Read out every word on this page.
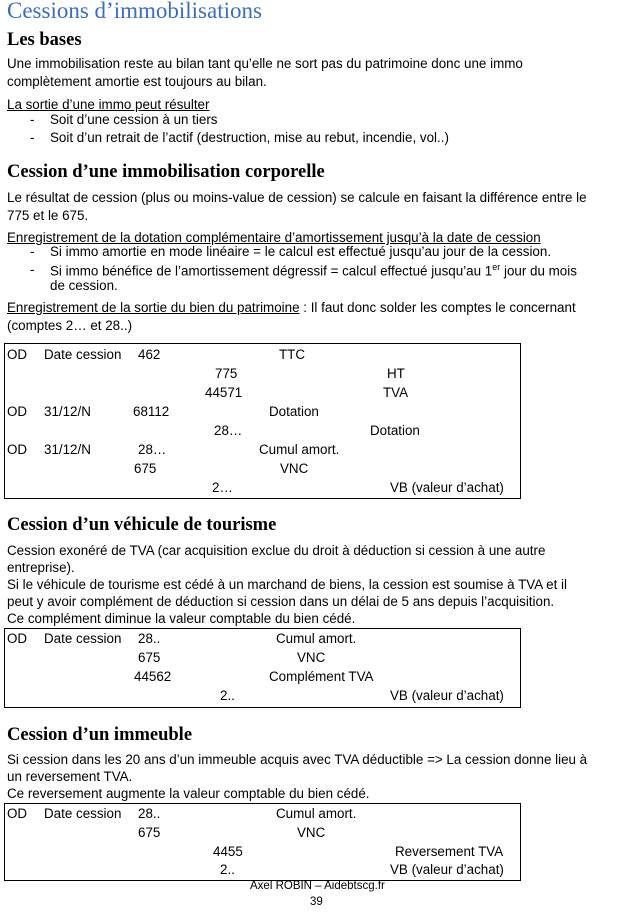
Cessions d’immobilisations
Les bases
Une immobilisation reste au bilan tant qu’elle ne sort pas du patrimoine donc une immo
complètement amortie est toujours au bilan.
La sortie d’une immo peut résulter
- Soit d’une cession à un tiers
- Soit d’un retrait de l’actif (destruction, mise au rebut, incendie, vol..)
Cession d’une immobilisation corporelle
Le résultat de cession (plus ou moins-value de cession) se calcule en faisant la différence entre le
775 et le 675.
Enregistrement de la dotation complémentaire d’amortissement jusqu’à la date de cession
- Si immo amortie en mode linéaire = le calcul est effectué jusqu’au jour de la cession.
- Si immo bénéfice de l’amortissement dégressif = calcul effectué jusqu’au 1er jour du mois
de cession.
Enregistrement de la sortie du bien du patrimoine : Il faut donc solder les comptes le concernant
(comptes 2… et 28..)
OD Date cession 462	TTC
775	HT
44571	TVA
OD 31/12/N	68112	Dotation
28…	Dotation
OD 31/12/N	28…	Cumul amort.
675	VNC
2…	VB (valeur d’achat)
Cession d’un véhicule de tourisme
Cession exonéré de TVA (car acquisition exclue du droit à déduction si cession à une autre
entreprise).
Si le véhicule de tourisme est cédé à un marchand de biens, la cession est soumise à TVA et il
peut y avoir complément de déduction si cession dans un délai de 5 ans depuis l’acquisition.
Ce complément diminue la valeur comptable du bien cédé.
OD Date cession 28..	Cumul amort.
675	VNC
44562	Complément TVA
2..	VB (valeur d’achat)
Cession d’un immeuble
Si cession dans les 20 ans d’un immeuble acquis avec TVA déductible => La cession donne lieu à
un reversement TVA.
Ce reversement augmente la valeur comptable du bien cédé.
OD Date cession 28..	Cumul amort.
675	VNC
4455	Reversement TVA
2..	VB (valeur d’achat)
Axel ROBIN – Aidebtscg.fr
39
